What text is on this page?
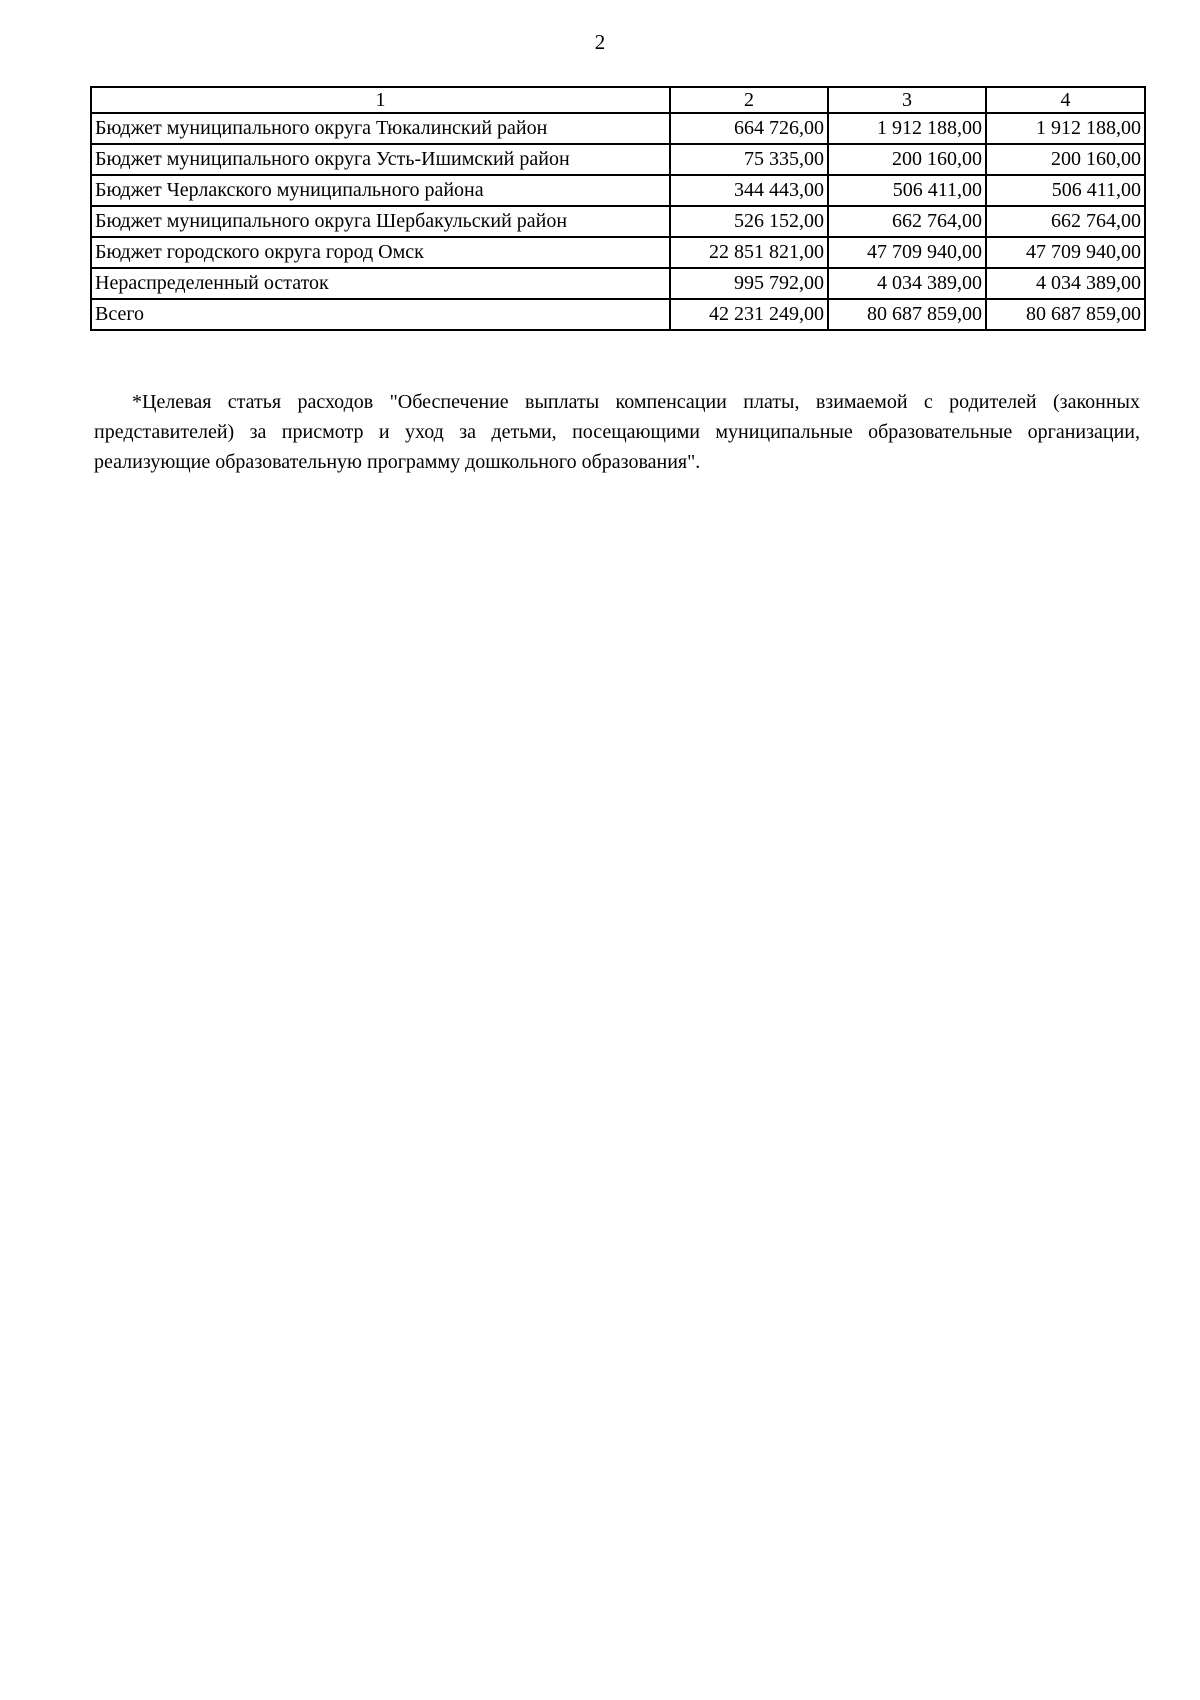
2
1	2	3	4
Бюджет муниципального округа Тюкалинский район	664 726,00	1 912 188,00	1 912 188,00
Бюджет муниципального округа Усть-Ишимский район	75 335,00	200 160,00	200 160,00
Бюджет Черлакского муниципального района	344 443,00	506 411,00	506 411,00
Бюджет муниципального округа Шербакульский район	526 152,00	662 764,00	662 764,00
Бюджет городского округа город Омск	22 851 821,00	47 709 940,00	47 709 940,00
Нераспределенный остаток	995 792,00	4 034 389,00	4 034 389,00
Всего	42 231 249,00	80 687 859,00	80 687 859,00

*Целевая статья расходов "Обеспечение выплаты компенсации платы, взимаемой с родителей (законных представителей) за присмотр и уход за детьми, посещающими муниципальные образовательные организации, реализующие образовательную программу дошкольного образования".
